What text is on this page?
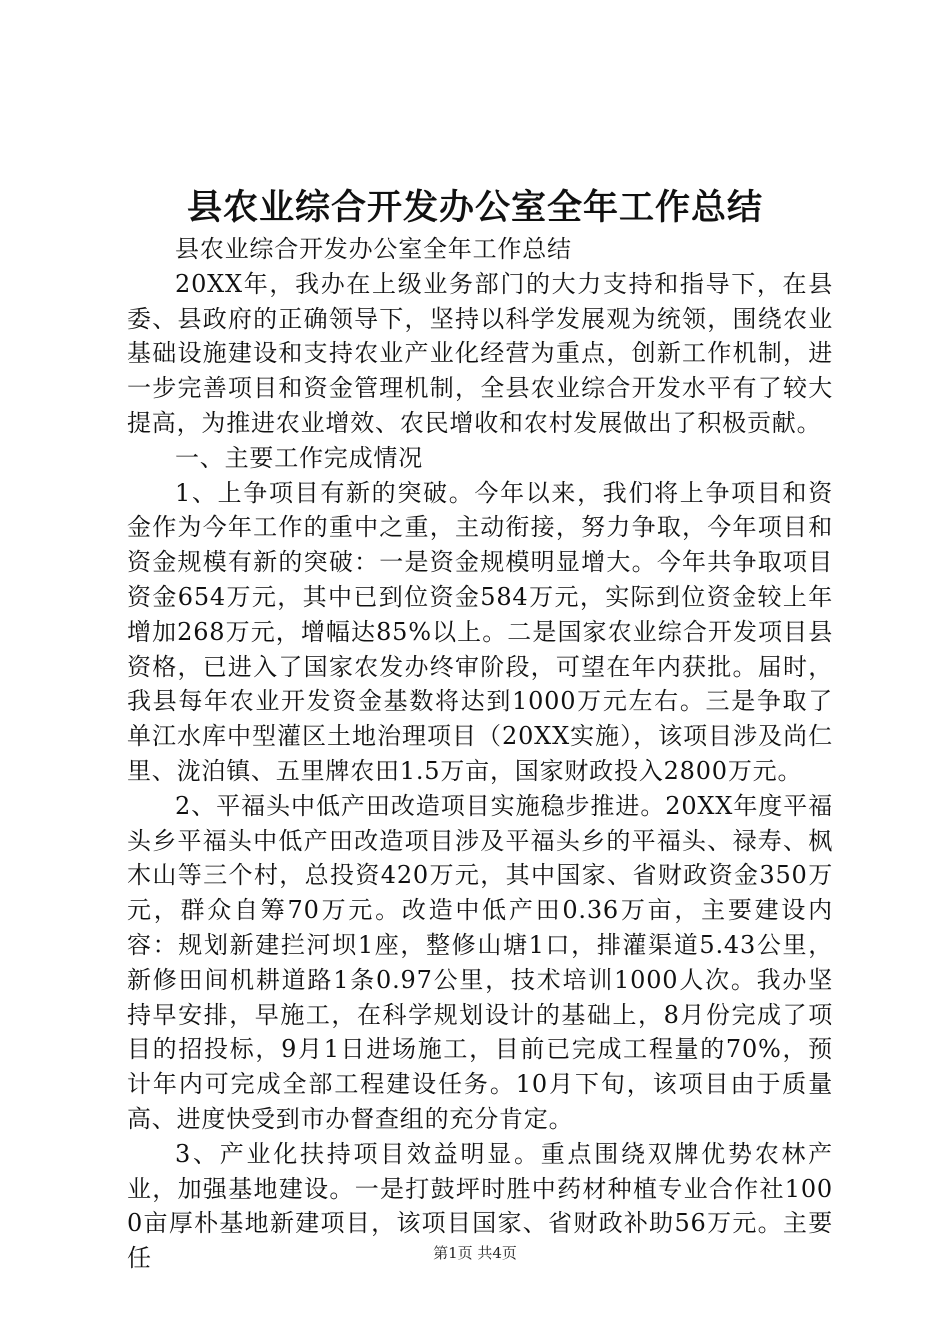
县农业综合开发办公室全年工作总结

县农业综合开发办公室全年工作总结

20XX年，我办在上级业务部门的大力支持和指导下，在县委、县政府的正确领导下，坚持以科学发展观为统领，围绕农业基础设施建设和支持农业产业化经营为重点，创新工作机制，进一步完善项目和资金管理机制，全县农业综合开发水平有了较大提高，为推进农业增效、农民增收和农村发展做出了积极贡献。

一、主要工作完成情况

1、上争项目有新的突破。今年以来，我们将上争项目和资金作为今年工作的重中之重，主动衔接，努力争取，今年项目和资金规模有新的突破：一是资金规模明显增大。今年共争取项目资金654万元，其中已到位资金584万元，实际到位资金较上年增加268万元，增幅达85%以上。二是国家农业综合开发项目县资格，已进入了国家农发办终审阶段，可望在年内获批。届时，我县每年农业开发资金基数将达到1000万元左右。三是争取了单江水库中型灌区土地治理项目（20XX实施），该项目涉及尚仁里、泷泊镇、五里牌农田1.5万亩，国家财政投入2800万元。

2、平福头中低产田改造项目实施稳步推进。20XX年度平福头乡平福头中低产田改造项目涉及平福头乡的平福头、禄寿、枫木山等三个村，总投资420万元，其中国家、省财政资金350万元，群众自筹70万元。改造中低产田0.36万亩，主要建设内容：规划新建拦河坝1座，整修山塘1口，排灌渠道5.43公里，新修田间机耕道路1条0.97公里，技术培训1000人次。我办坚持早安排，早施工，在科学规划设计的基础上，8月份完成了项目的招投标，9月1日进场施工，目前已完成工程量的70%，预计年内可完成全部工程建设任务。10月下旬，该项目由于质量高、进度快受到市办督查组的充分肯定。

3、产业化扶持项目效益明显。重点围绕双牌优势农林产业，加强基地建设。一是打鼓坪时胜中药材种植专业合作社1000亩厚朴基地新建项目，该项目国家、省财政补助56万元。主要任	第1页 共4页
